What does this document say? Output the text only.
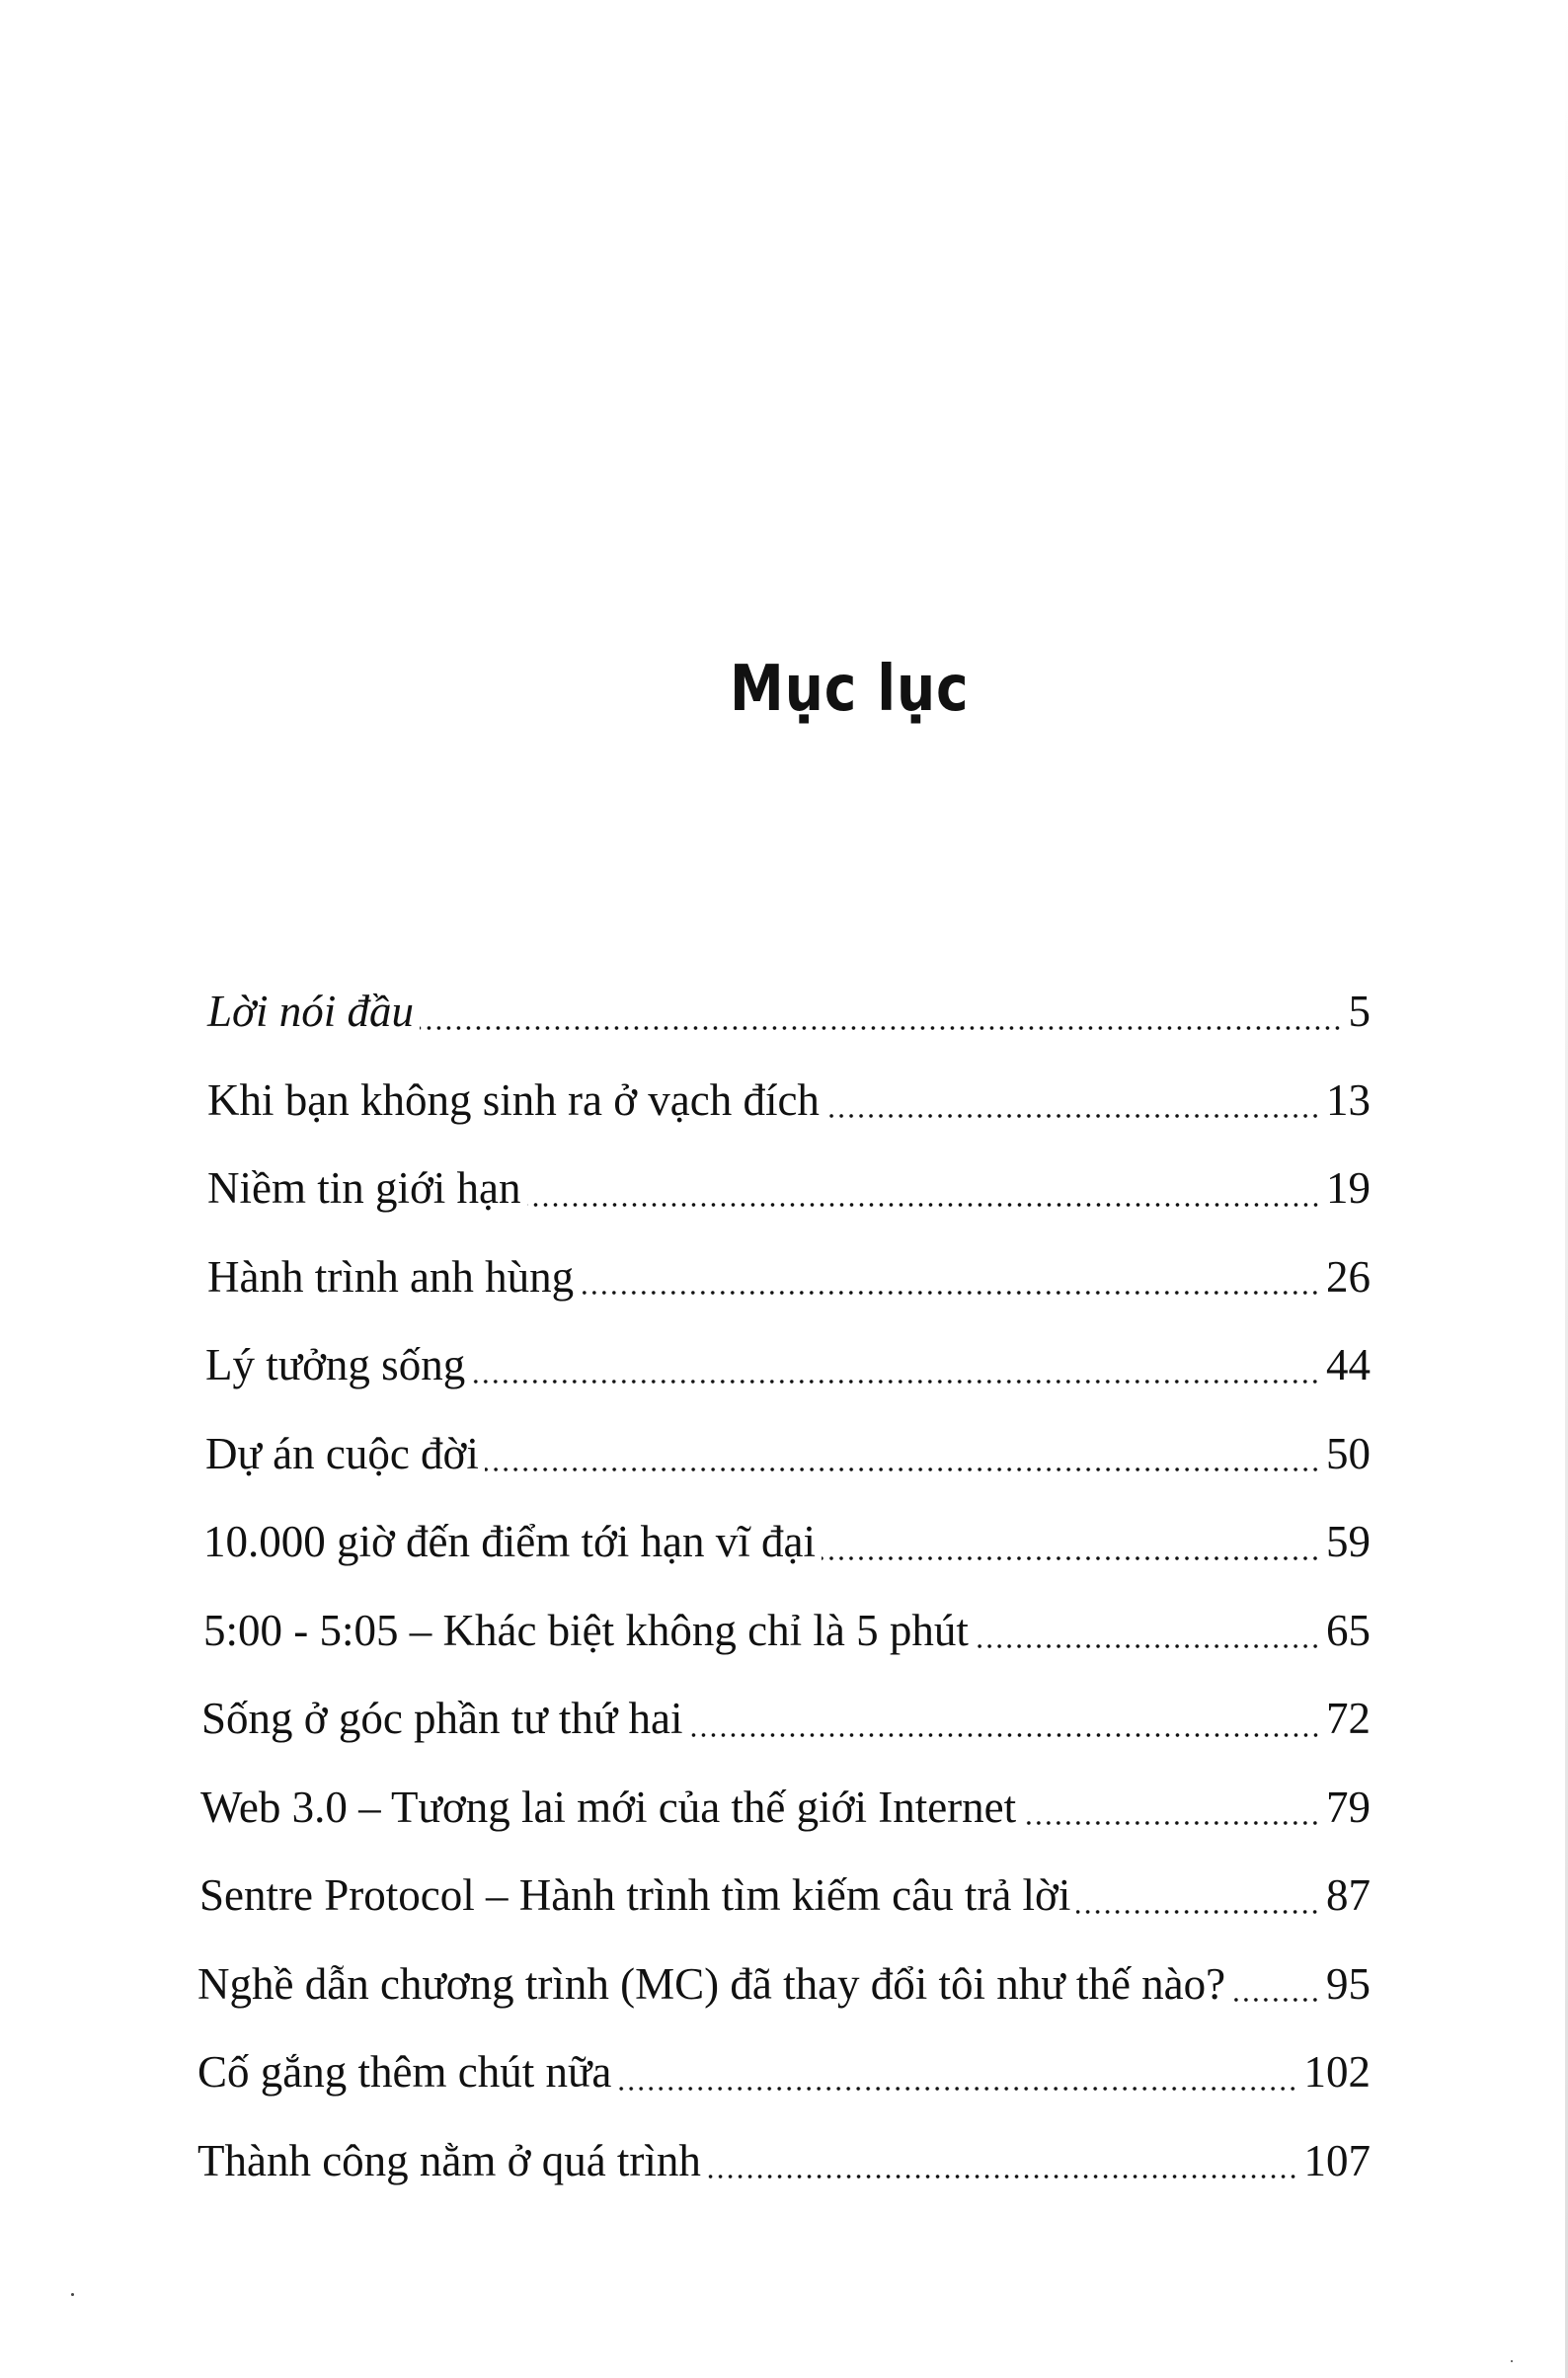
Mục lục
Lời nói đầu	5
Khi bạn không sinh ra ở vạch đích	13
Niềm tin giới hạn	19
Hành trình anh hùng	26
Lý tưởng sống	44
Dự án cuộc đời	50
10.000 giờ đến điểm tới hạn vĩ đại	59
5:00 - 5:05 – Khác biệt không chỉ là 5 phút	65
Sống ở góc phần tư thứ hai	72
Web 3.0 – Tương lai mới của thế giới Internet	79
Sentre Protocol – Hành trình tìm kiếm câu trả lời	87
Nghề dẫn chương trình (MC) đã thay đổi tôi như thế nào? 95
Cố gắng thêm chút nữa	102
Thành công nằm ở quá trình	107
